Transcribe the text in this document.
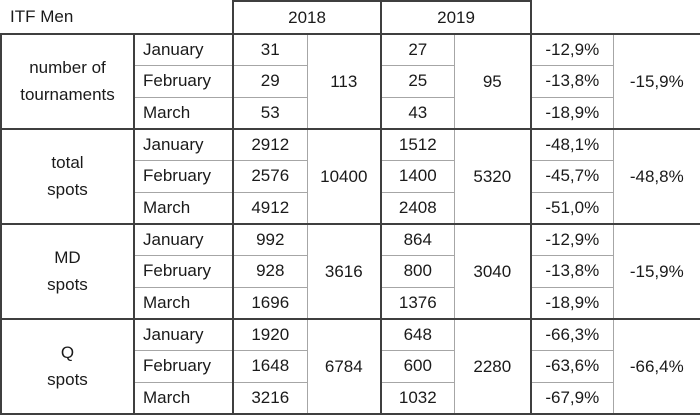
ITF Men		2018		2019			

number of
tournaments	January	31	113	27	95	-12,9%	-15,9%
	February	29		25		-13,8%	
	March	53		43		-18,9%	

total
spots	January	2912	10400	1512	5320	-48,1%	-48,8%
	February	2576		1400		-45,7%	
	March	4912		2408		-51,0%	

MD
spots	January	992	3616	864	3040	-12,9%	-15,9%
	February	928		800		-13,8%	
	March	1696		1376		-18,9%	

Q
spots	January	1920	6784	648	2280	-66,3%	-66,4%
	February	1648		600		-63,6%	
	March	3216		1032		-67,9%	
